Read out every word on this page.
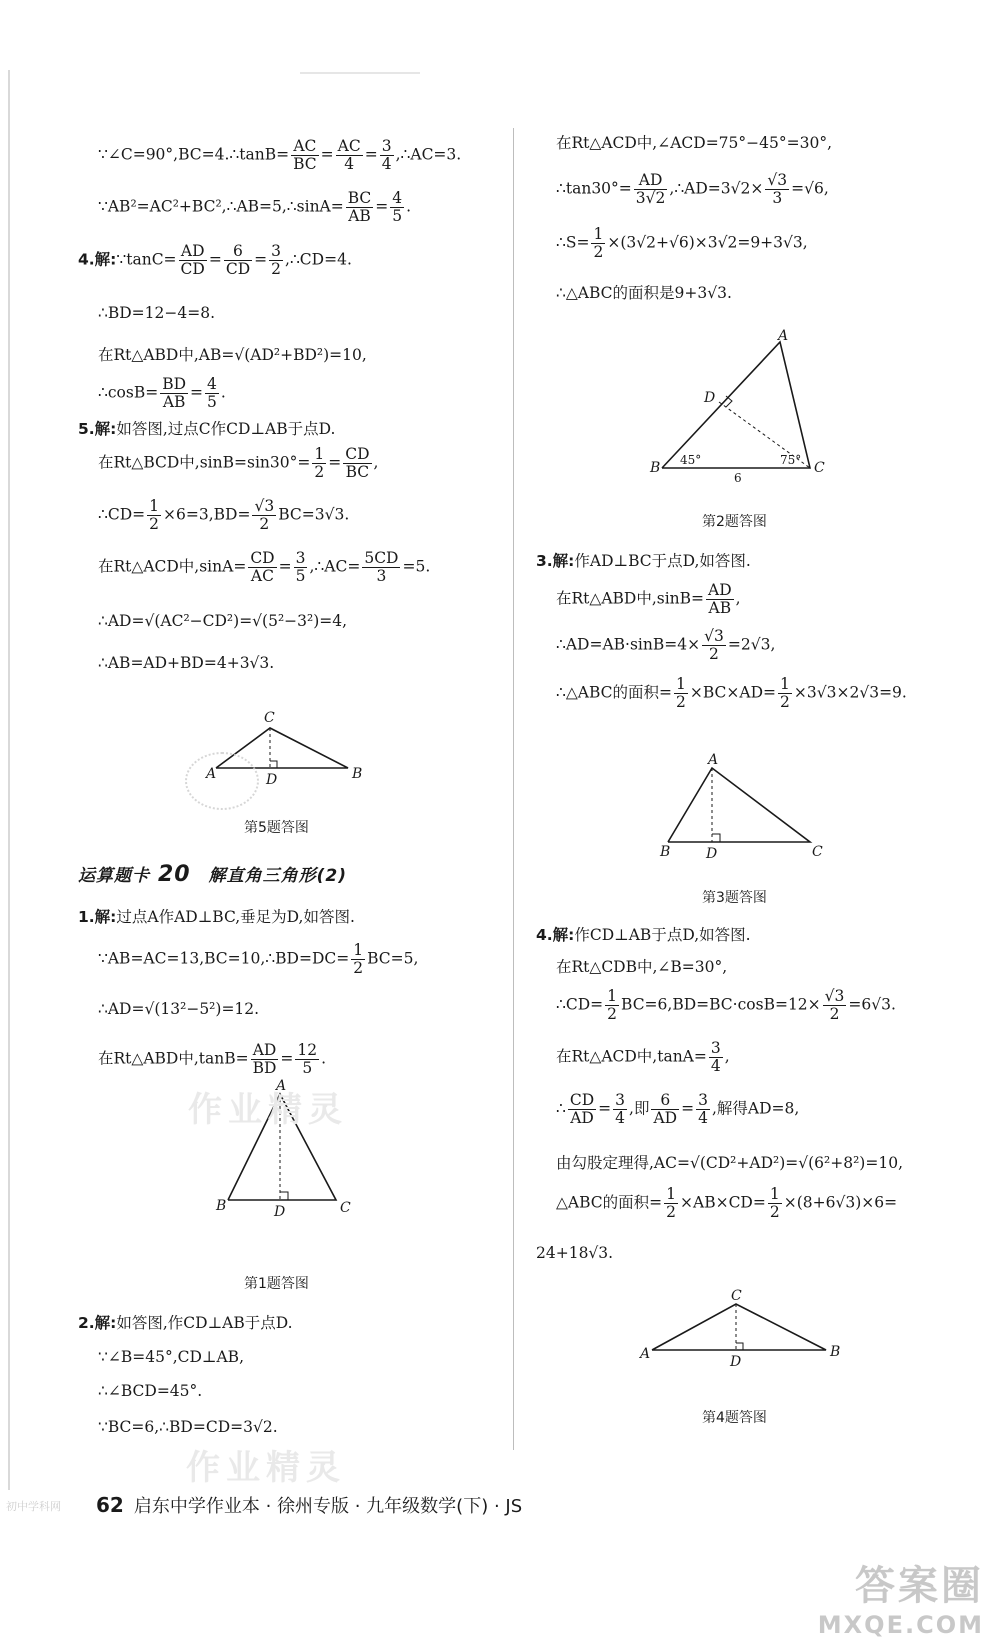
∵∠C=90°,BC=4.∴tanB= $\frac{AC}{BC} = \frac{AC}{4} = \frac{3}{4}$ ,∴AC=3.
∵AB²=AC²+BC²,∴AB=5,∴sinA= $\frac{BC}{AB} = \frac{4}{5}$ .
4.解:∵tanC= $\frac{AD}{CD} = \frac{6}{CD} = \frac{3}{2}$ ,∴CD=4.
∴BD=12−4=8.
在Rt△ABD中,AB=√(AD²+BD²)=10,
∴cosB= $\frac{BD}{AB} = \frac{4}{5}$ .
5.解:如答图,过点C作CD⊥AB于点D.
在Rt△BCD中$,\sin B=\sin 30^\circ= \frac{1}{2} = \frac{CD}{BC}$ ,
∴CD= $\frac{1}{2} \times 6=3,BD= \frac{√3}{2} BC=3√3$.
在Rt△ACD中$,\sin A= \frac{CD}{AC} = \frac{3}{5}$ ,∴AC= $\frac{5CD}{3} =5$.
∴AD=√(AC²−CD²)=√(5²−3²)=4,
∴AB=AD+BD=4+3√3.
第5题答图
运算题卡 20 解直角三角形(2)
1.解:过点A作AD⊥BC,垂足为D,如答图.
∵AB=AC=13,BC=10,∴BD=DC= $\frac{1}{2} BC=5$,
∴AD=√(13²−5²)=12.
在Rt△ABD中$,\tan B= \frac{AD}{BD} = \frac{12}{5}$ .
第1题答图
2.解:如答图,作CD⊥AB于点D.
∵∠B=45°,CD⊥AB,
∴∠BCD=45°.
∵BC=6,∴BD=CD=3√2.
在Rt△ACD中,∠ACD=75°−45°=30°,
∴tan30°= $\frac{AD}{3√2}$ ,∴AD=3√2× $\frac{√3}{3} =√6$,
∴S= $\frac{1}{2} \times(3√2+√6)\times 3√2=9+3√3$,
∴△ABC的面积是9+3√3.
第2题答图
3.解:作AD⊥BC于点D,如答图.
在Rt△ABD中$,\sin B= \frac{AD}{AB}$ ,
∴AD=AB·sinB=4× $\frac{√3}{2} =2√3$,
∴△ABC的面积= $\frac{1}{2} \times BC\times AD= \frac{1}{2} \times 3√3\times 2√3=9$.
第3题答图
4.解:作CD⊥AB于点D,如答图.
在Rt△CDB中,∠B=30°,
∴CD= $\frac{1}{2} BC=6,BD=BC\cdot\cos B=12\times \frac{√3}{2} =6√3$.
在Rt△ACD中$,\tan A= \frac{3}{4}$ ,
∴ $\frac{CD}{AD} = \frac{3}{4}$ ,即 $\frac{6}{AD} = \frac{3}{4}$ ,解得AD=8,
由勾股定理得,AC=√(CD²+AD²)=√(6²+8²)=10,
△ABC的面积= $\frac{1}{2} \times AB\times CD= \frac{1}{2} \times(8+6√3)\times 6=$
24+18√3.
第4题答图
A
B	C
D
45°	75°
6
A
B	C
D
C
A	B
D
A
B	C
D
C
A	B
D
作业精灵
作业精灵
62 启东中学作业本 · 徐州专版 · 九年级数学(下) · JS
初中学科网
答案圈
MXQE.COM
